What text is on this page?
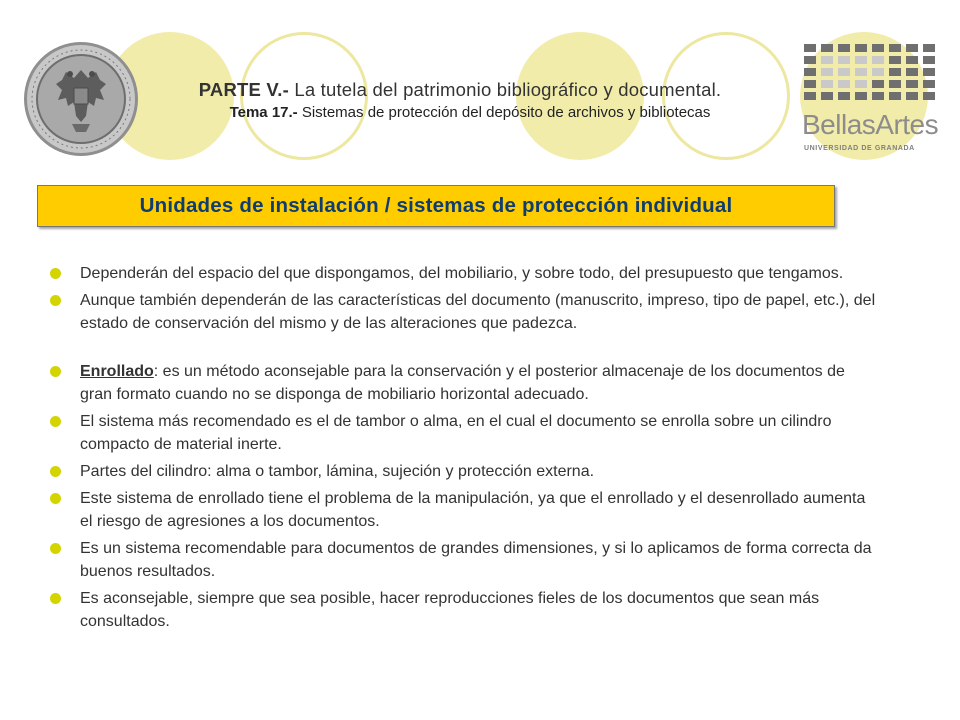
BellasArtes
UNIVERSIDAD DE GRANADA
PARTE V.- La tutela del patrimonio bibliográfico y documental.
Tema 17.- Sistemas de protección del depósito de archivos y bibliotecas
Unidades de instalación / sistemas de protección individual
Dependerán del espacio del que dispongamos, del mobiliario, y sobre todo, del presupuesto que tengamos.
Aunque también dependerán de las características del documento (manuscrito, impreso, tipo de papel, etc.), del estado de conservación del mismo y de las alteraciones que padezca.
Enrollado: es un método aconsejable para la conservación y el posterior almacenaje de los documentos de gran formato cuando no se disponga de mobiliario horizontal adecuado.
El sistema más recomendado es el de tambor o alma, en el cual el documento se enrolla sobre un cilindro compacto de material inerte.
Partes del cilindro: alma o tambor, lámina, sujeción y protección externa.
Este sistema de enrollado tiene el problema de la manipulación, ya que el enrollado y el desenrollado aumenta el riesgo de agresiones a los documentos.
Es un sistema recomendable para documentos de grandes dimensiones, y si lo aplicamos de forma correcta da buenos resultados.
Es aconsejable, siempre que sea posible, hacer reproducciones fieles de los documentos que sean más consultados.
